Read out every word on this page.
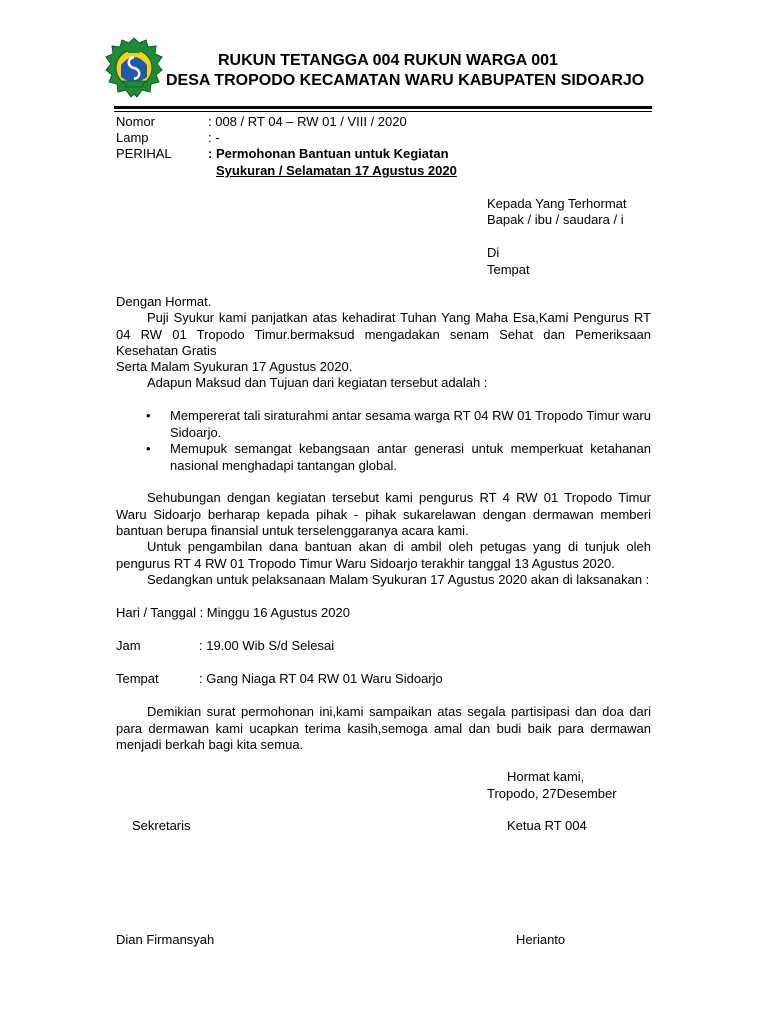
RUKUN TETANGGA 004 RUKUN WARGA 001
DESA TROPODO KECAMATAN WARU KABUPATEN SIDOARJO
Nomor	: 008 / RT 04 – RW 01 / VIII / 2020
Lamp	: -
PERIHAL	: Permohonan Bantuan untuk Kegiatan
Syukuran / Selamatan 17 Agustus 2020
Kepada Yang Terhormat
Bapak / ibu / saudara / i
Di
Tempat
Dengan Hormat.
Puji Syukur kami panjatkan atas kehadirat Tuhan Yang Maha Esa,Kami Pengurus RT 04 RW 01 Tropodo Timur.bermaksud mengadakan senam Sehat dan Pemeriksaan Kesehatan Gratis
Serta Malam Syukuran 17 Agustus 2020.
Adapun Maksud dan Tujuan dari kegiatan tersebut adalah :
• Mempererat tali siraturahmi antar sesama warga RT 04 RW 01 Tropodo Timur waru Sidoarjo.
• Memupuk semangat kebangsaan antar generasi untuk memperkuat ketahanan nasional menghadapi tantangan global.
Sehubungan dengan kegiatan tersebut kami pengurus RT 4 RW 01 Tropodo Timur Waru Sidoarjo berharap kepada pihak - pihak sukarelawan dengan dermawan memberi bantuan berupa finansial untuk terselenggaranya acara kami.
Untuk pengambilan dana bantuan akan di ambil oleh petugas yang di tunjuk oleh pengurus RT 4 RW 01 Tropodo Timur Waru Sidoarjo terakhir tanggal 13 Agustus 2020.
Sedangkan untuk pelaksanaan Malam Syukuran 17 Agustus 2020 akan di laksanakan :
Hari / Tanggal : Minggu 16 Agustus 2020
Jam	: 19.00 Wib S/d Selesai
Tempat	: Gang Niaga RT 04 RW 01 Waru Sidoarjo
Demikian surat permohonan ini,kami sampaikan atas segala partisipasi dan doa dari para dermawan kami ucapkan terima kasih,semoga amal dan budi baik para dermawan menjadi berkah bagi kita semua.
Hormat kami,
Tropodo, 27Desember
Sekretaris	Ketua RT 004
Dian Firmansyah	Herianto
